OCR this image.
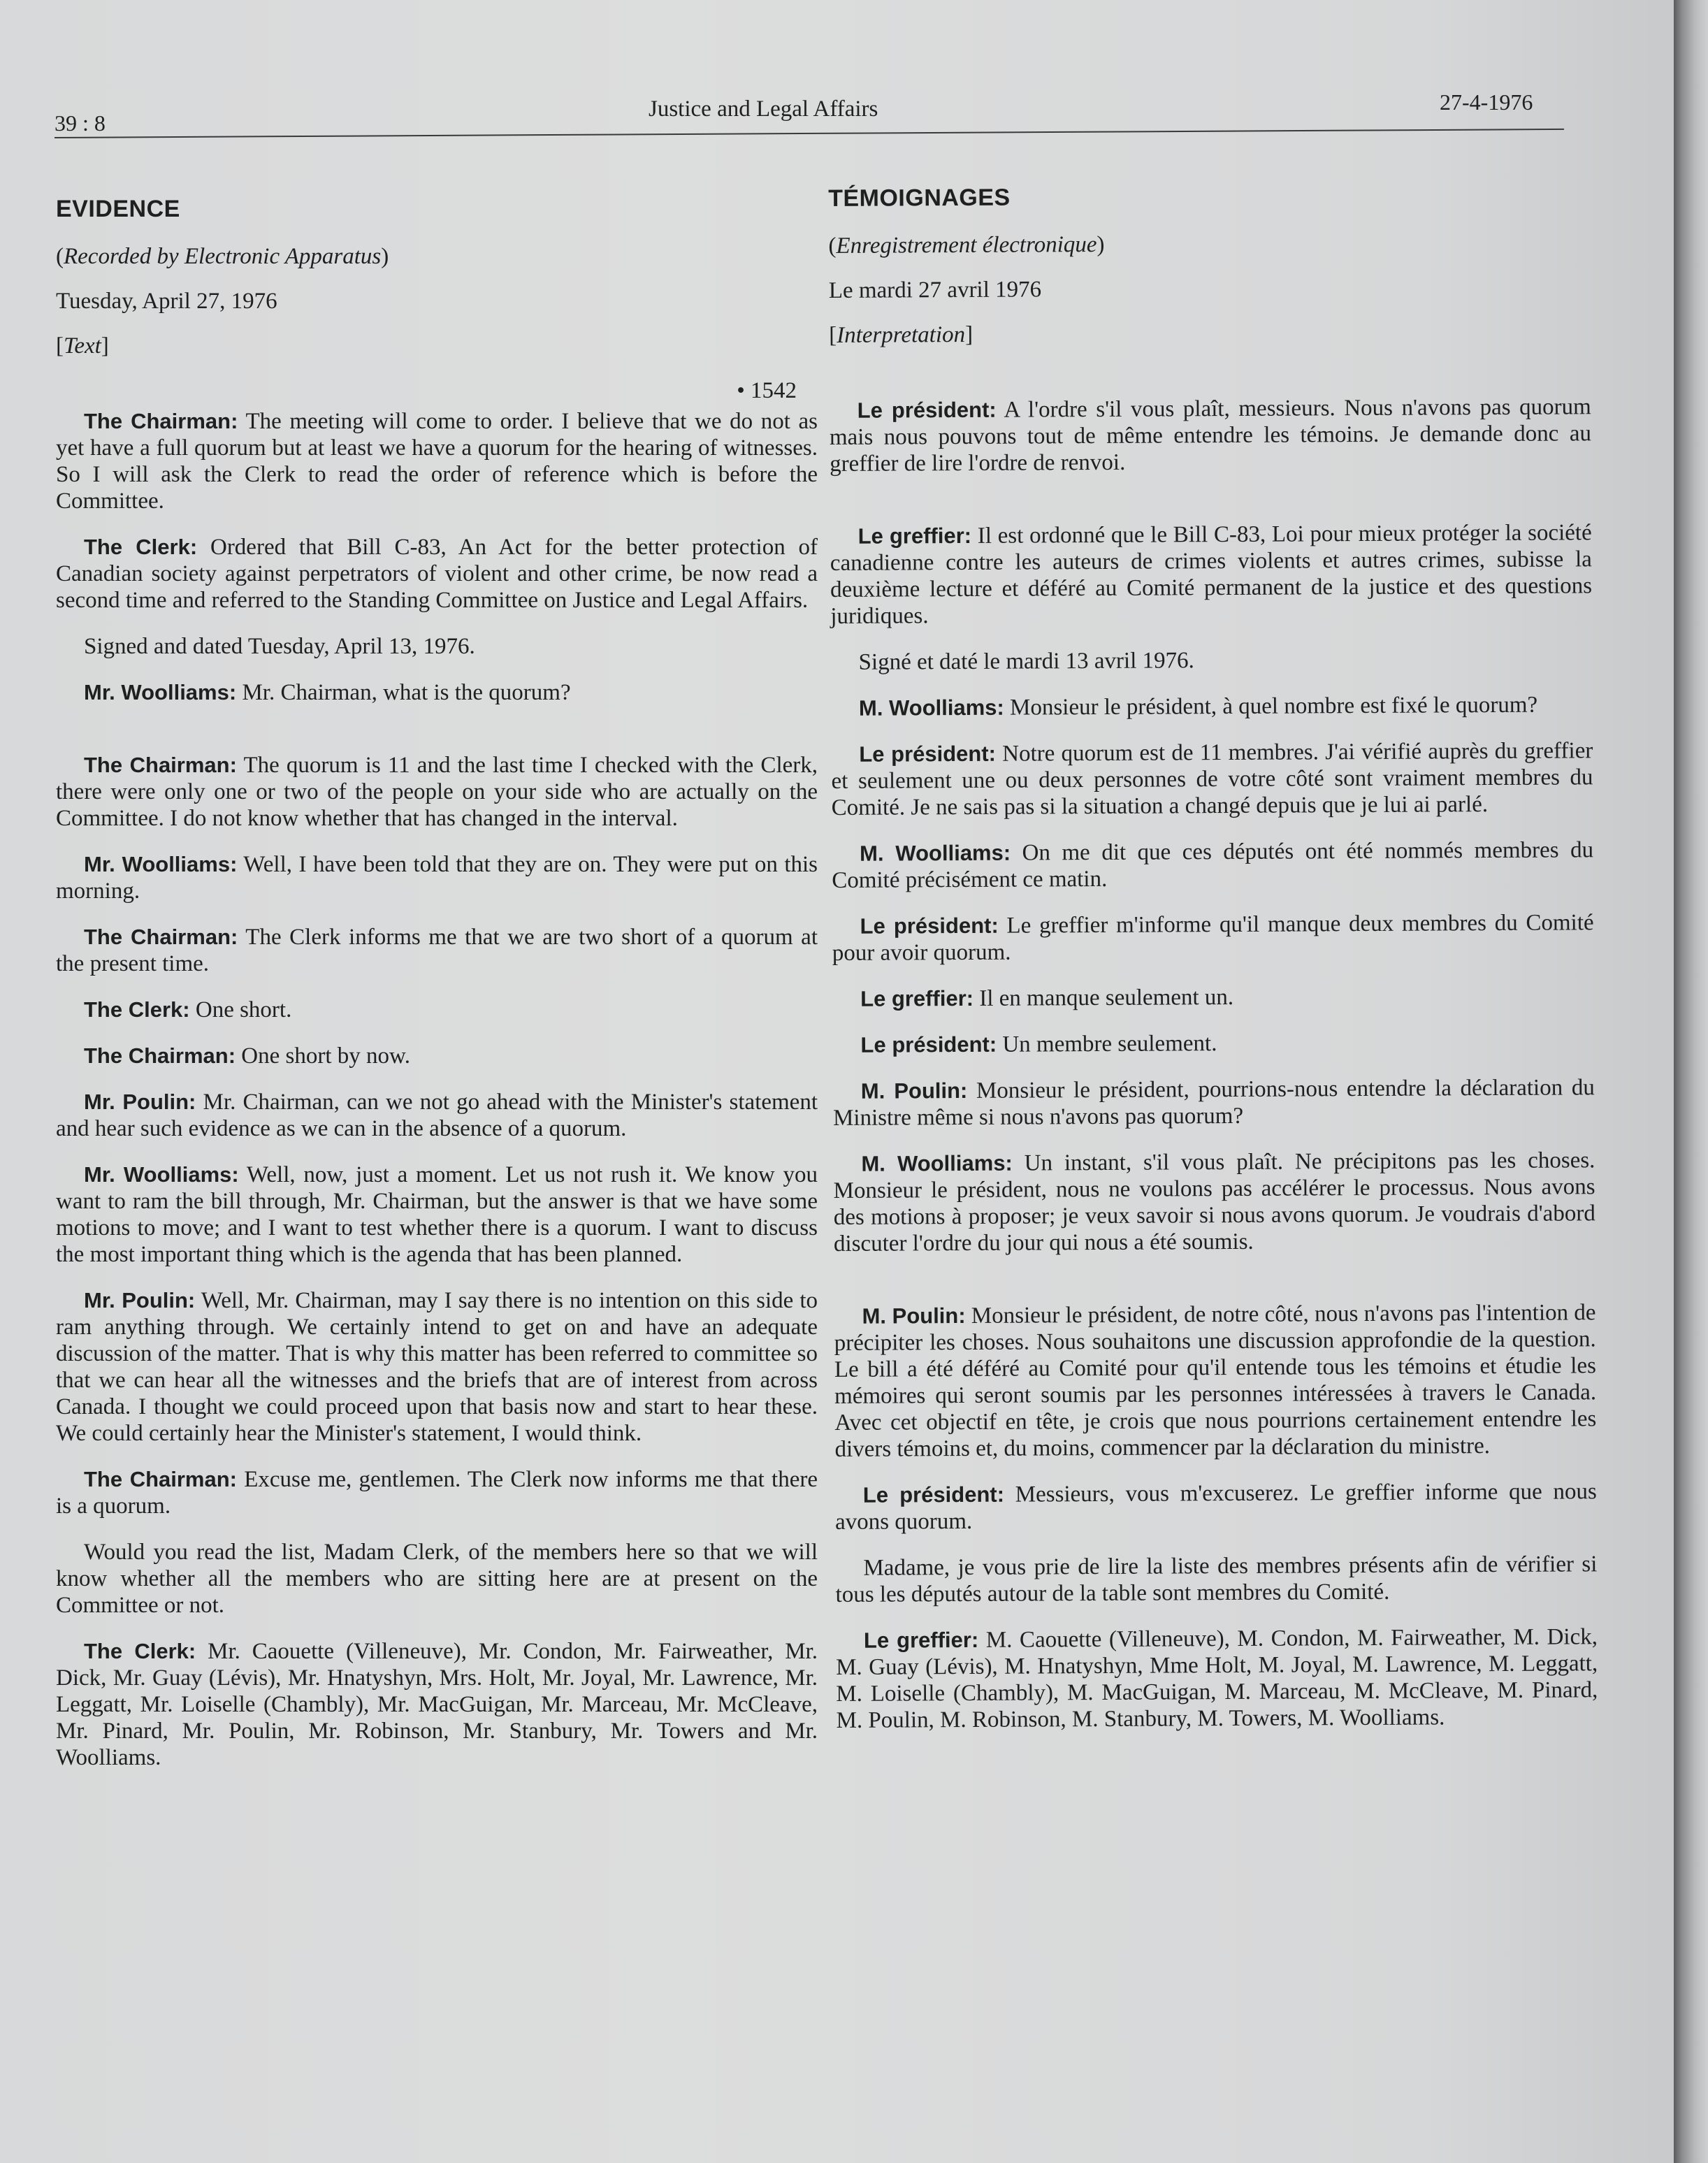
39 : 8
Justice and Legal Affairs	27-4-1976
EVIDENCE
(Recorded by Electronic Apparatus)
Tuesday, April 27, 1976
[Text]
• 1542

The Chairman: The meeting will come to order. I believe that we do not as yet have a full quorum but at least we have a quorum for the hearing of witnesses. So I will ask the Clerk to read the order of reference which is before the Committee.

The Clerk: Ordered that Bill C-83, An Act for the better protection of Canadian society against perpetrators of violent and other crime, be now read a second time and referred to the Standing Committee on Justice and Legal Affairs.

Signed and dated Tuesday, April 13, 1976.

Mr. Woolliams: Mr. Chairman, what is the quorum?

The Chairman: The quorum is 11 and the last time I checked with the Clerk, there were only one or two of the people on your side who are actually on the Committee. I do not know whether that has changed in the interval.

Mr. Woolliams: Well, I have been told that they are on. They were put on this morning.

The Chairman: The Clerk informs me that we are two short of a quorum at the present time.

The Clerk: One short.

The Chairman: One short by now.

Mr. Poulin: Mr. Chairman, can we not go ahead with the Minister's statement and hear such evidence as we can in the absence of a quorum.

Mr. Woolliams: Well, now, just a moment. Let us not rush it. We know you want to ram the bill through, Mr. Chairman, but the answer is that we have some motions to move; and I want to test whether there is a quorum. I want to discuss the most important thing which is the agenda that has been planned.

Mr. Poulin: Well, Mr. Chairman, may I say there is no intention on this side to ram anything through. We certainly intend to get on and have an adequate discussion of the matter. That is why this matter has been referred to committee so that we can hear all the witnesses and the briefs that are of interest from across Canada. I thought we could proceed upon that basis now and start to hear these. We could certainly hear the Minister's statement, I would think.

The Chairman: Excuse me, gentlemen. The Clerk now informs me that there is a quorum.

Would you read the list, Madam Clerk, of the members here so that we will know whether all the members who are sitting here are at present on the Committee or not.

The Clerk: Mr. Caouette (Villeneuve), Mr. Condon, Mr. Fairweather, Mr. Dick, Mr. Guay (Lévis), Mr. Hnatyshyn, Mrs. Holt, Mr. Joyal, Mr. Lawrence, Mr. Leggatt, Mr. Loiselle (Chambly), Mr. MacGuigan, Mr. Marceau, Mr. McCleave, Mr. Pinard, Mr. Poulin, Mr. Robinson, Mr. Stanbury, Mr. Towers and Mr. Woolliams.

TÉMOIGNAGES
(Enregistrement électronique)
Le mardi 27 avril 1976
[Interpretation]

Le président: A l'ordre s'il vous plaît, messieurs. Nous n'avons pas quorum mais nous pouvons tout de même entendre les témoins. Je demande donc au greffier de lire l'ordre de renvoi.

Le greffier: Il est ordonné que le Bill C-83, Loi pour mieux protéger la société canadienne contre les auteurs de crimes violents et autres crimes, subisse la deuxième lecture et déféré au Comité permanent de la justice et des questions juridiques.

Signé et daté le mardi 13 avril 1976.

M. Woolliams: Monsieur le président, à quel nombre est fixé le quorum?

Le président: Notre quorum est de 11 membres. J'ai vérifié auprès du greffier et seulement une ou deux personnes de votre côté sont vraiment membres du Comité. Je ne sais pas si la situation a changé depuis que je lui ai parlé.

M. Woolliams: On me dit que ces députés ont été nommés membres du Comité précisément ce matin.

Le président: Le greffier m'informe qu'il manque deux membres du Comité pour avoir quorum.

Le greffier: Il en manque seulement un.

Le président: Un membre seulement.

M. Poulin: Monsieur le président, pourrions-nous entendre la déclaration du Ministre même si nous n'avons pas quorum?

M. Woolliams: Un instant, s'il vous plaît. Ne précipitons pas les choses. Monsieur le président, nous ne voulons pas accélérer le processus. Nous avons des motions à proposer; je veux savoir si nous avons quorum. Je voudrais d'abord discuter l'ordre du jour qui nous a été soumis.

M. Poulin: Monsieur le président, de notre côté, nous n'avons pas l'intention de précipiter les choses. Nous souhaitons une discussion approfondie de la question. Le bill a été déféré au Comité pour qu'il entende tous les témoins et étudie les mémoires qui seront soumis par les personnes intéressées à travers le Canada. Avec cet objectif en tête, je crois que nous pourrions certainement entendre les divers témoins et, du moins, commencer par la déclaration du ministre.

Le président: Messieurs, vous m'excuserez. Le greffier informe que nous avons quorum.

Madame, je vous prie de lire la liste des membres présents afin de vérifier si tous les députés autour de la table sont membres du Comité.

Le greffier: M. Caouette (Villeneuve), M. Condon, M. Fairweather, M. Dick, M. Guay (Lévis), M. Hnatyshyn, Mme Holt, M. Joyal, M. Lawrence, M. Leggatt, M. Loiselle (Chambly), M. MacGuigan, M. Marceau, M. McCleave, M. Pinard, M. Poulin, M. Robinson, M. Stanbury, M. Towers, M. Woolliams.
